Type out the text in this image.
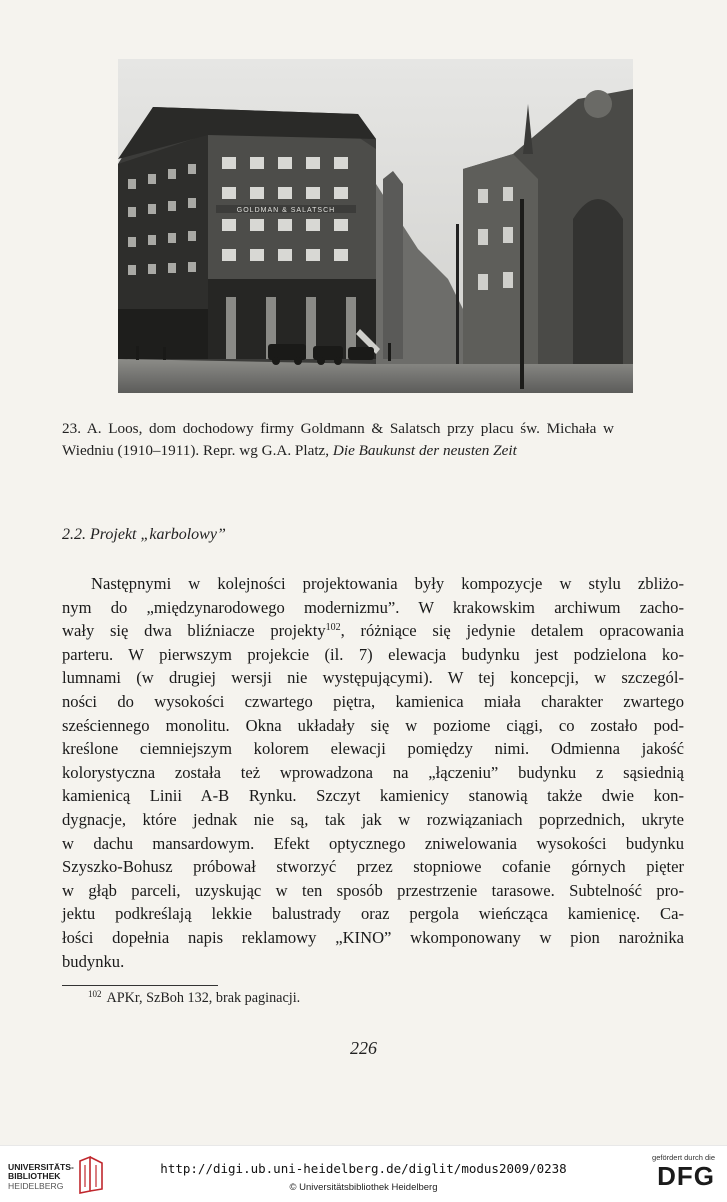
GOLDMAN & SALATSCH
23. A. Loos, dom dochodowy firmy Goldmann & Salatsch przy placu św. Michała w Wiedniu (1910–1911). Repr. wg G.A. Platz, Die Baukunst der neusten Zeit
2.2. Projekt „karbolowy”
Następnymi w kolejności projektowania były kompozycje w stylu zbliżo-
nym do „międzynarodowego modernizmu”. W krakowskim archiwum zacho-
wały się dwa bliźniacze projekty$^{102}$, różniące się jedynie detalem opracowania
parteru. W pierwszym projekcie (il. 7) elewacja budynku jest podzielona ko-
lumnami (w drugiej wersji nie występującymi). W tej koncepcji, w szczegól-
ności do wysokości czwartego piętra, kamienica miała charakter zwartego
sześciennego monolitu. Okna układały się w poziome ciągi, co zostało pod-
kreślone ciemniejszym kolorem elewacji pomiędzy nimi. Odmienna jakość
kolorystyczna została też wprowadzona na „łączeniu” budynku z sąsiednią
kamienicą Linii A-B Rynku. Szczyt kamienicy stanowią także dwie kon-
dygnacje, które jednak nie są, tak jak w rozwiązaniach poprzednich, ukryte
w dachu mansardowym. Efekt optycznego zniwelowania wysokości budynku
Szyszko-Bohusz próbował stworzyć przez stopniowe cofanie górnych pięter
w głąb parceli, uzyskując w ten sposób przestrzenie tarasowe. Subtelność pro-
jektu podkreślają lekkie balustrady oraz pergola wieńcząca kamienicę. Ca-
łości dopełnia napis reklamowy „KINO” wkomponowany w pion narożnika
budynku.
$^{102}$ APKr, SzBoh 132, brak paginacji.
226
UNIVERSITÄTS-
BIBLIOTHEK
HEIDELBERG
http://digi.ub.uni-heidelberg.de/diglit/modus2009/0238
© Universitätsbibliothek Heidelberg
gefördert durch die
DFG
